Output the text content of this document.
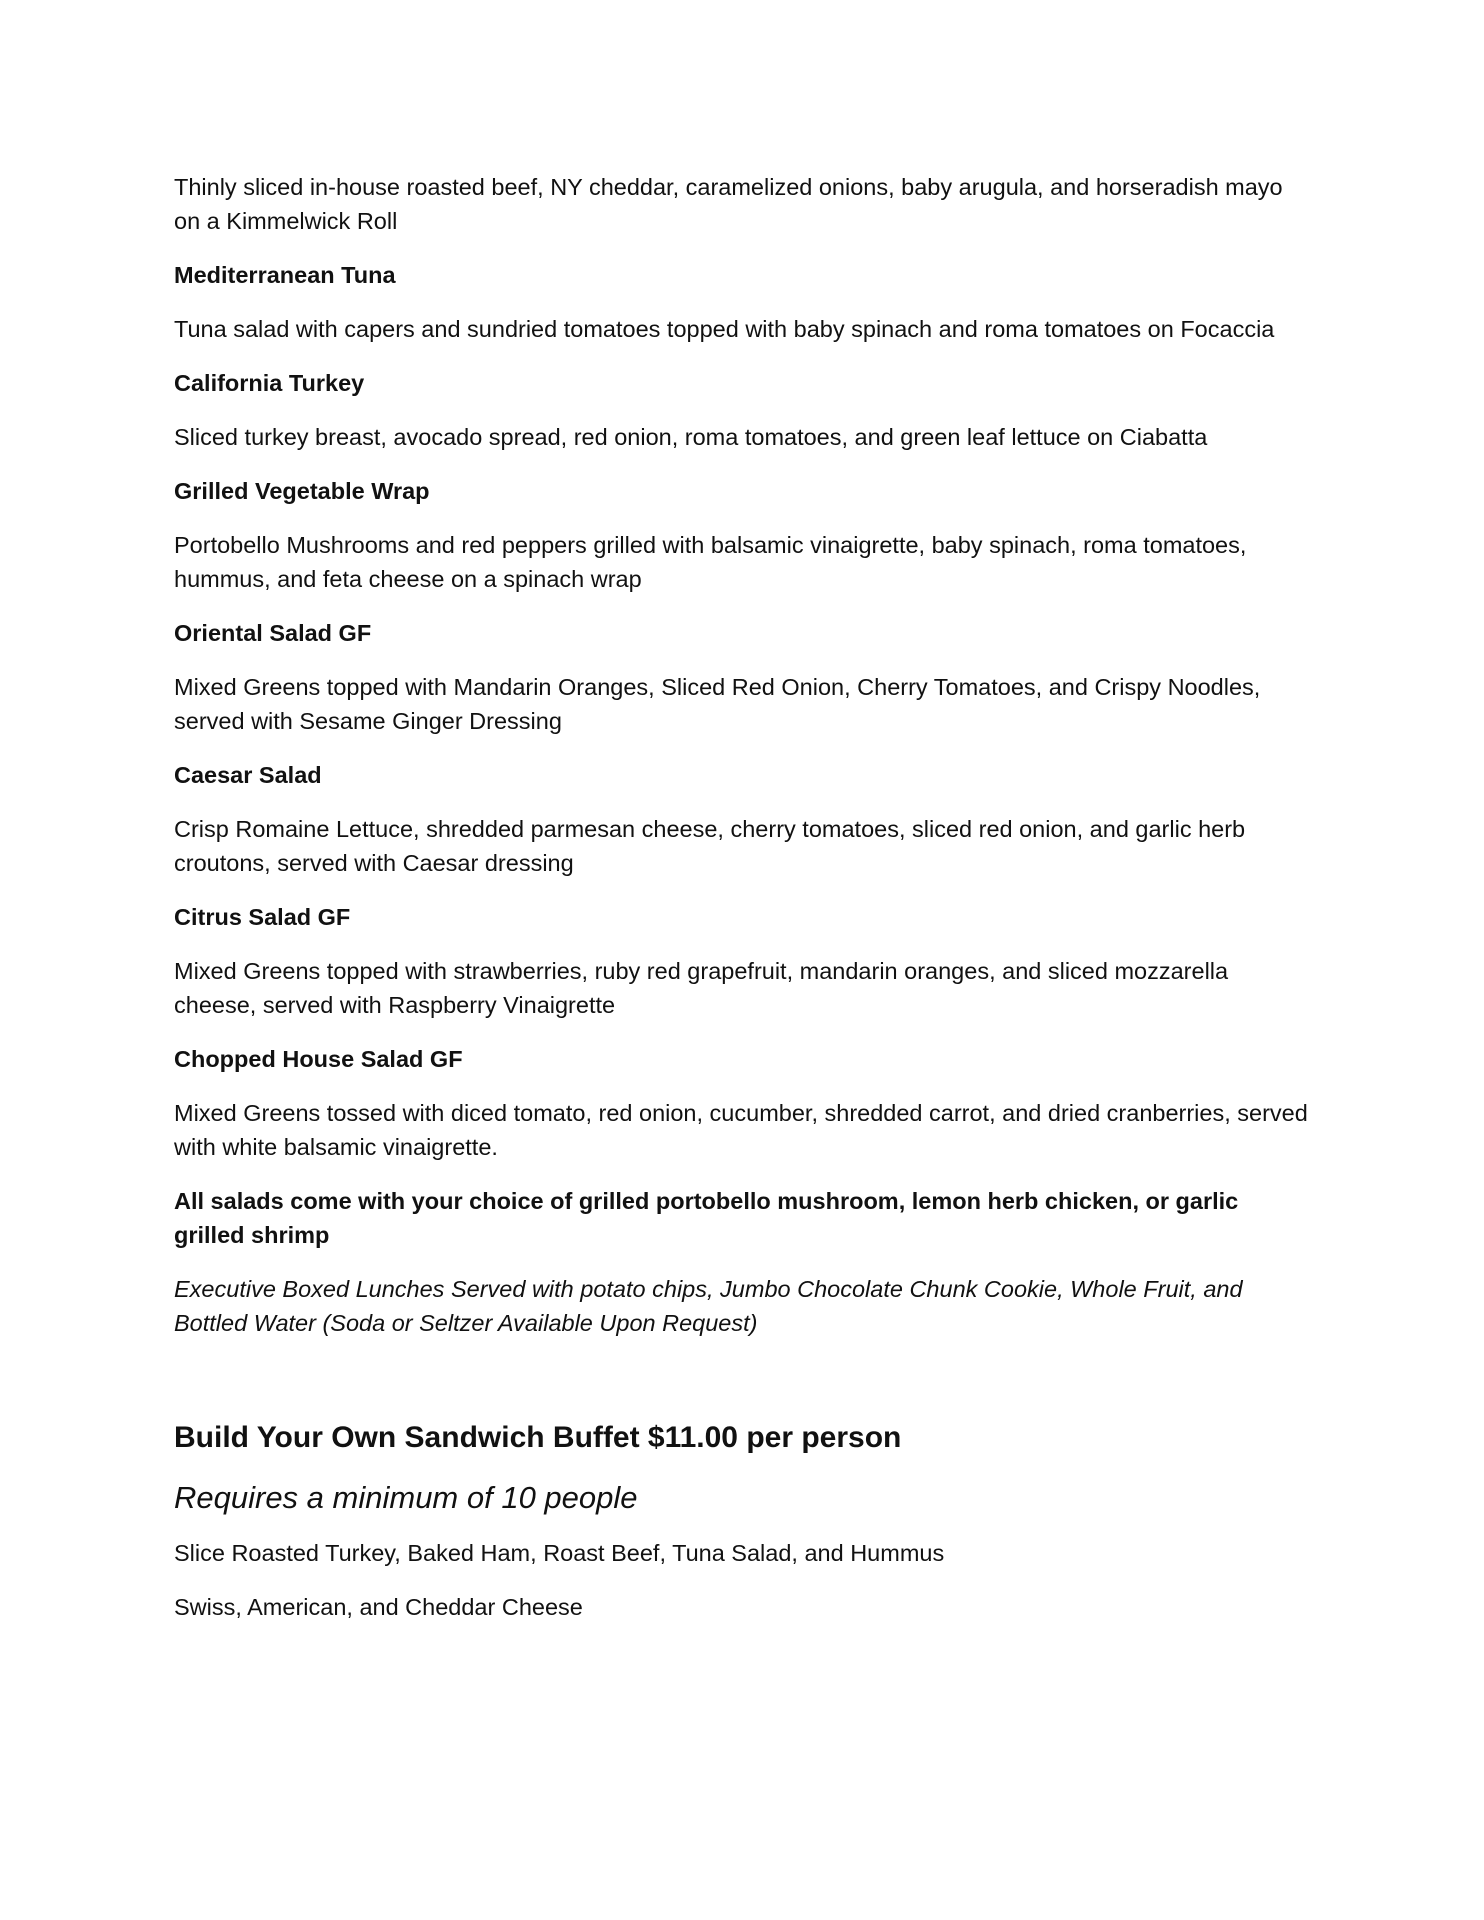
Thinly sliced in-house roasted beef, NY cheddar, caramelized onions, baby arugula, and horseradish mayo on a Kimmelwick Roll

Mediterranean Tuna

Tuna salad with capers and sundried tomatoes topped with baby spinach and roma tomatoes on Focaccia

California Turkey

Sliced turkey breast, avocado spread, red onion, roma tomatoes, and green leaf lettuce on Ciabatta

Grilled Vegetable Wrap

Portobello Mushrooms and red peppers grilled with balsamic vinaigrette, baby spinach, roma tomatoes, hummus, and feta cheese on a spinach wrap

Oriental Salad GF

Mixed Greens topped with Mandarin Oranges, Sliced Red Onion, Cherry Tomatoes, and Crispy Noodles, served with Sesame Ginger Dressing

Caesar Salad

Crisp Romaine Lettuce, shredded parmesan cheese, cherry tomatoes, sliced red onion, and garlic herb croutons, served with Caesar dressing

Citrus Salad GF

Mixed Greens topped with strawberries, ruby red grapefruit, mandarin oranges, and sliced mozzarella cheese, served with Raspberry Vinaigrette

Chopped House Salad GF

Mixed Greens tossed with diced tomato, red onion, cucumber, shredded carrot, and dried cranberries, served with white balsamic vinaigrette.

All salads come with your choice of grilled portobello mushroom, lemon herb chicken, or garlic grilled shrimp

Executive Boxed Lunches Served with potato chips, Jumbo Chocolate Chunk Cookie, Whole Fruit, and Bottled Water (Soda or Seltzer Available Upon Request)

Build Your Own Sandwich Buffet $11.00 per person

Requires a minimum of 10 people

Slice Roasted Turkey, Baked Ham, Roast Beef, Tuna Salad, and Hummus

Swiss, American, and Cheddar Cheese
